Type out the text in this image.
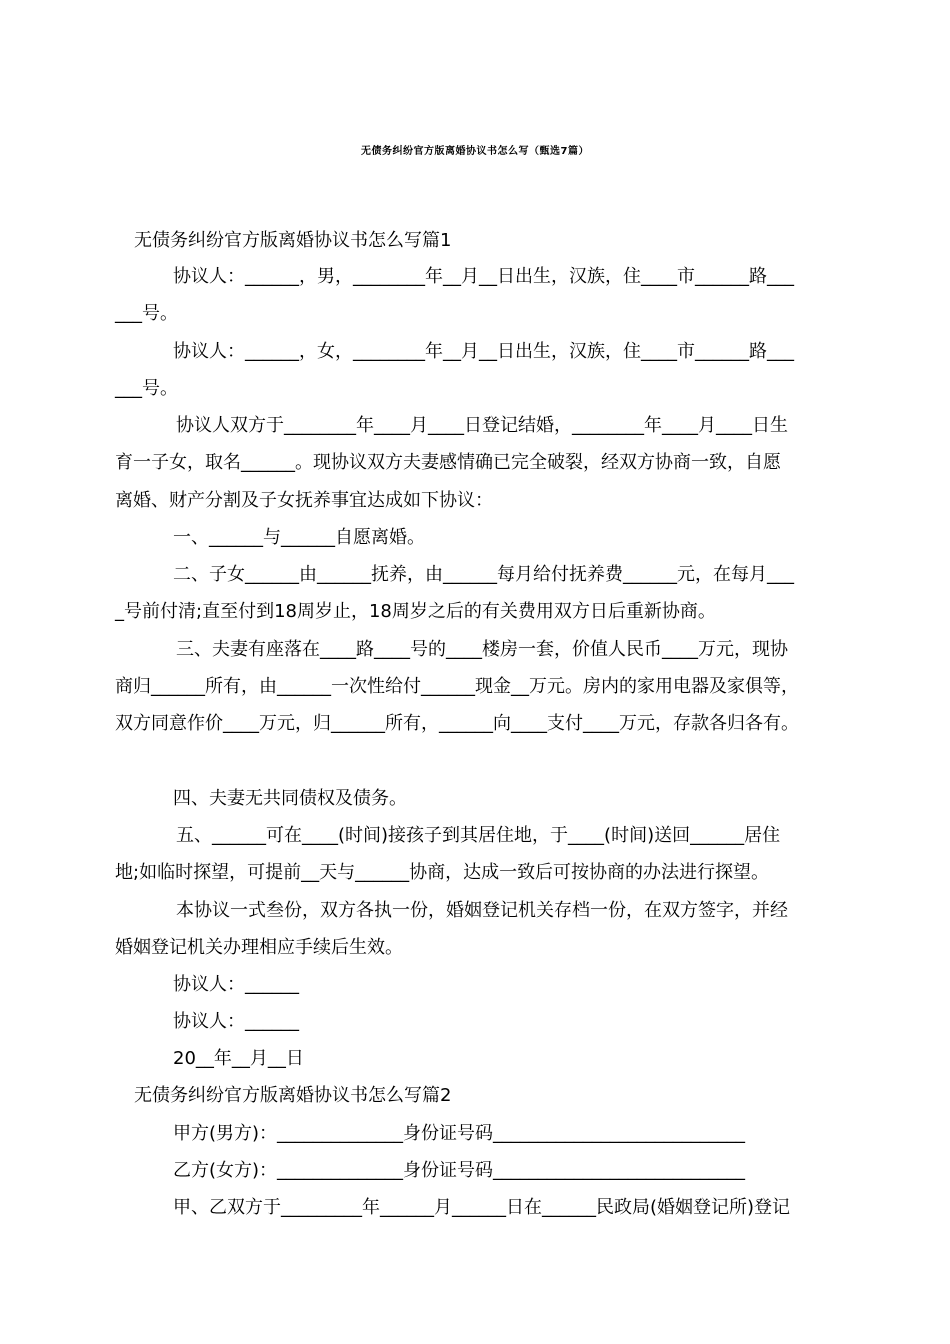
无债务纠纷官方版离婚协议书怎么写（甄选7篇）
无债务纠纷官方版离婚协议书怎么写篇1
协议人：______，男，________年__月__日出生，汉族，住____市______路___
___号。
协议人：______，女，________年__月__日出生，汉族，住____市______路___
___号。
协议人双方于________年____月____日登记结婚，________年____月____日生
育一子女，取名______。现协议双方夫妻感情确已完全破裂，经双方协商一致，自愿
离婚、财产分割及子女抚养事宜达成如下协议：
一、______与______自愿离婚。
二、子女______由______抚养，由______每月给付抚养费______元，在每月___
_号前付清;直至付到18周岁止，18周岁之后的有关费用双方日后重新协商。
三、夫妻有座落在____路____号的____楼房一套，价值人民币____万元，现协
商归______所有，由______一次性给付______现金__万元。房内的家用电器及家俱等，
双方同意作价____万元，归______所有，______向____支付____万元，存款各归各有。
四、夫妻无共同债权及债务。
五、______可在____(时间)接孩子到其居住地，于____(时间)送回______居住
地;如临时探望，可提前__天与______协商，达成一致后可按协商的办法进行探望。
本协议一式叁份，双方各执一份，婚姻登记机关存档一份，在双方签字，并经
婚姻登记机关办理相应手续后生效。
协议人：______
协议人：______
20__年__月__日
无债务纠纷官方版离婚协议书怎么写篇2
甲方(男方)：______________身份证号码____________________________
乙方(女方)：______________身份证号码____________________________
甲、乙双方于_________年______月______日在______民政局(婚姻登记所)登记
